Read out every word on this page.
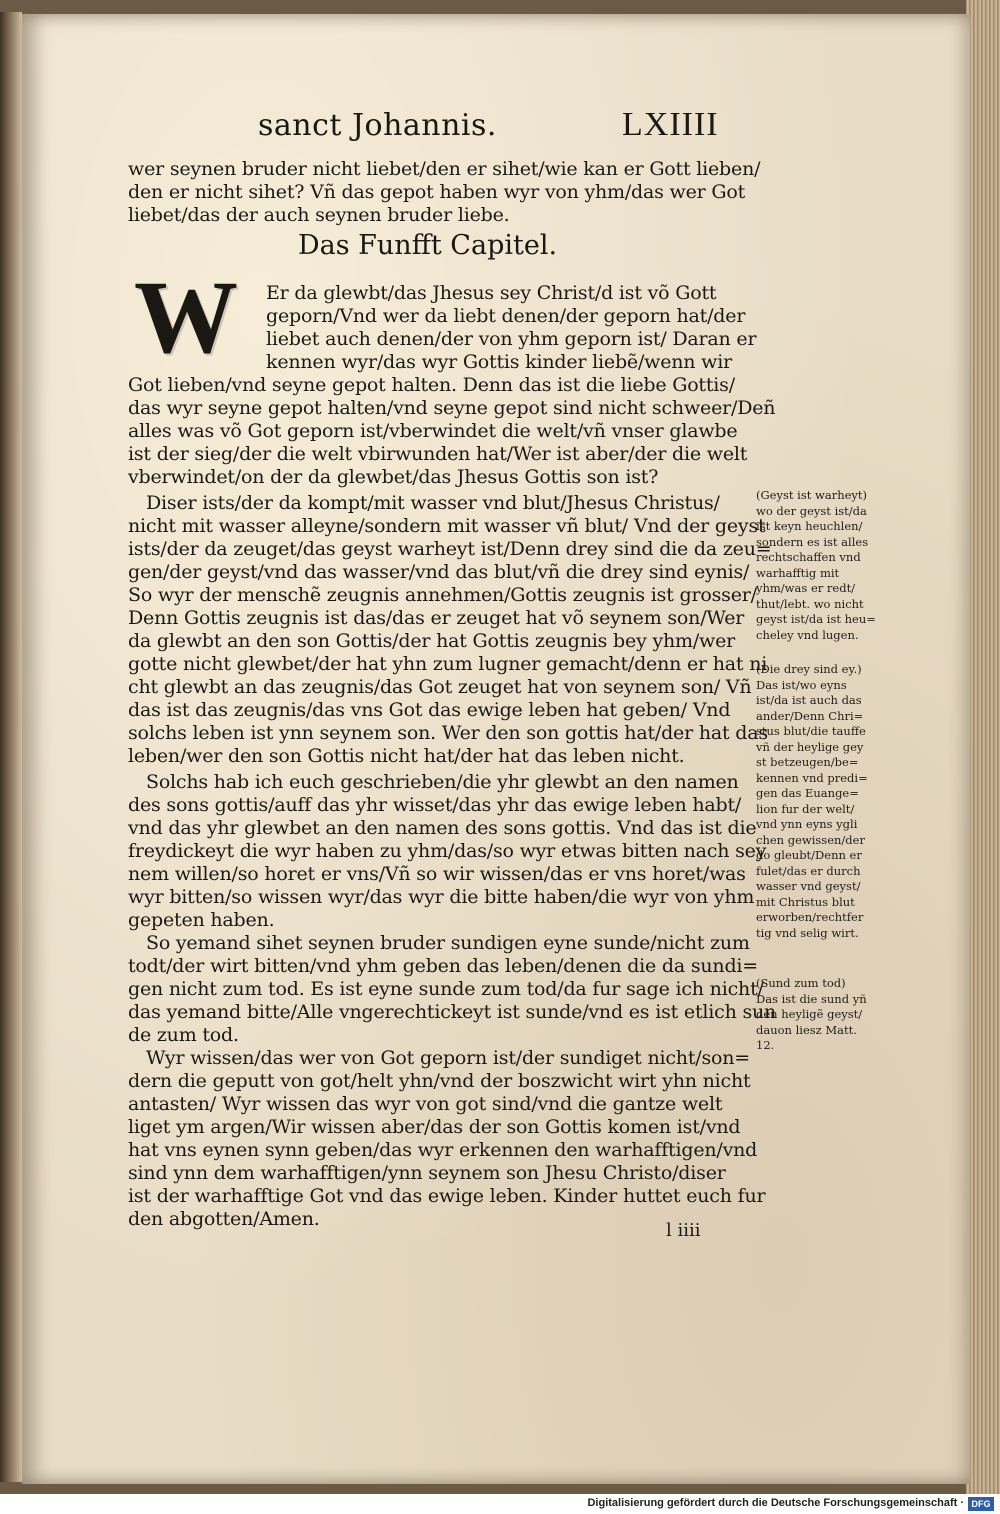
sanct Johannis.	LXIIII
wer seynen bruder nicht liebet/den er sihet/wie kan er Gott lieben/
den er nicht sihet? Vñ das gepot haben wyr von yhm/das wer Got
liebet/das der auch seynen bruder liebe.
Das Funfft Capitel.
W	Er da glewbt/das Jhesus sey Christ/d ist võ Gott
geporn/Vnd wer da liebt denen/der geporn hat/der
liebet auch denen/der von yhm geporn ist/ Daran er
kennen wyr/das wyr Gottis kinder liebẽ/wenn wir
Got lieben/vnd seyne gepot halten. Denn das ist die liebe Gottis/
das wyr seyne gepot halten/vnd seyne gepot sind nicht schweer/Deñ
alles was võ Got geporn ist/vberwindet die welt/vñ vnser glawbe
ist der sieg/der die welt vbirwunden hat/Wer ist aber/der die welt
vberwindet/on der da glewbet/das Jhesus Gottis son ist?
Diser ists/der da kompt/mit wasser vnd blut/Jhesus Christus/
nicht mit wasser alleyne/sondern mit wasser vñ blut/ Vnd der geyst
ists/der da zeuget/das geyst warheyt ist/Denn drey sind die da zeu=
gen/der geyst/vnd das wasser/vnd das blut/vñ die drey sind eynis/
So wyr der menschẽ zeugnis annehmen/Gottis zeugnis ist grosser/
Denn Gottis zeugnis ist das/das er zeuget hat võ seynem son/Wer
da glewbt an den son Gottis/der hat Gottis zeugnis bey yhm/wer
gotte nicht glewbet/der hat yhn zum lugner gemacht/denn er hat ni
cht glewbt an das zeugnis/das Got zeuget hat von seynem son/ Vñ
das ist das zeugnis/das vns Got das ewige leben hat geben/ Vnd
solchs leben ist ynn seynem son. Wer den son gottis hat/der hat das
leben/wer den son Gottis nicht hat/der hat das leben nicht.
Solchs hab ich euch geschrieben/die yhr glewbt an den namen
des sons gottis/auff das yhr wisset/das yhr das ewige leben habt/
vnd das yhr glewbet an den namen des sons gottis. Vnd das ist die
freydickeyt die wyr haben zu yhm/das/so wyr etwas bitten nach sey
nem willen/so horet er vns/Vñ so wir wissen/das er vns horet/was
wyr bitten/so wissen wyr/das wyr die bitte haben/die wyr von yhm
gepeten haben.
So yemand sihet seynen bruder sundigen eyne sunde/nicht zum
todt/der wirt bitten/vnd yhm geben das leben/denen die da sundi=
gen nicht zum tod. Es ist eyne sunde zum tod/da fur sage ich nicht/
das yemand bitte/Alle vngerechtickeyt ist sunde/vnd es ist etlich sun
de zum tod.
Wyr wissen/das wer von Got geporn ist/der sundiget nicht/son=
dern die geputt von got/helt yhn/vnd der boszwicht wirt yhn nicht
antasten/ Wyr wissen das wyr von got sind/vnd die gantze welt
liget ym argen/Wir wissen aber/das der son Gottis komen ist/vnd
hat vns eynen synn geben/das wyr erkennen den warhafftigen/vnd
sind ynn dem warhafftigen/ynn seynem son Jhesu Christo/diser
ist der warhafftige Got vnd das ewige leben. Kinder huttet euch fur
den abgotten/Amen.
l iiii
(Geyst ist warheyt)
wo der geyst ist/da
ist keyn heuchlen/
sondern es ist alles
rechtschaffen vnd
warhafftig mit
yhm/was er redt/
thut/lebt. wo nicht
geyst ist/da ist heu=
cheley vnd lugen.
(Die drey sind ey.)
Das ist/wo eyns
ist/da ist auch das
ander/Denn Chri=
stus blut/die tauffe
vñ der heylige gey
st betzeugen/be=
kennen vnd predi=
gen das Euange=
lion fur der welt/
vnd ynn eyns ygli
chen gewissen/der
do gleubt/Denn er
fulet/das er durch
wasser vnd geyst/
mit Christus blut
erworben/rechtfer
tig vnd selig wirt.
(Sund zum tod)
Das ist die sund yñ
den heyligẽ geyst/
dauon liesz Matt.
12.
Digitalisierung gefördert durch die Deutsche Forschungsgemeinschaft · DFG
